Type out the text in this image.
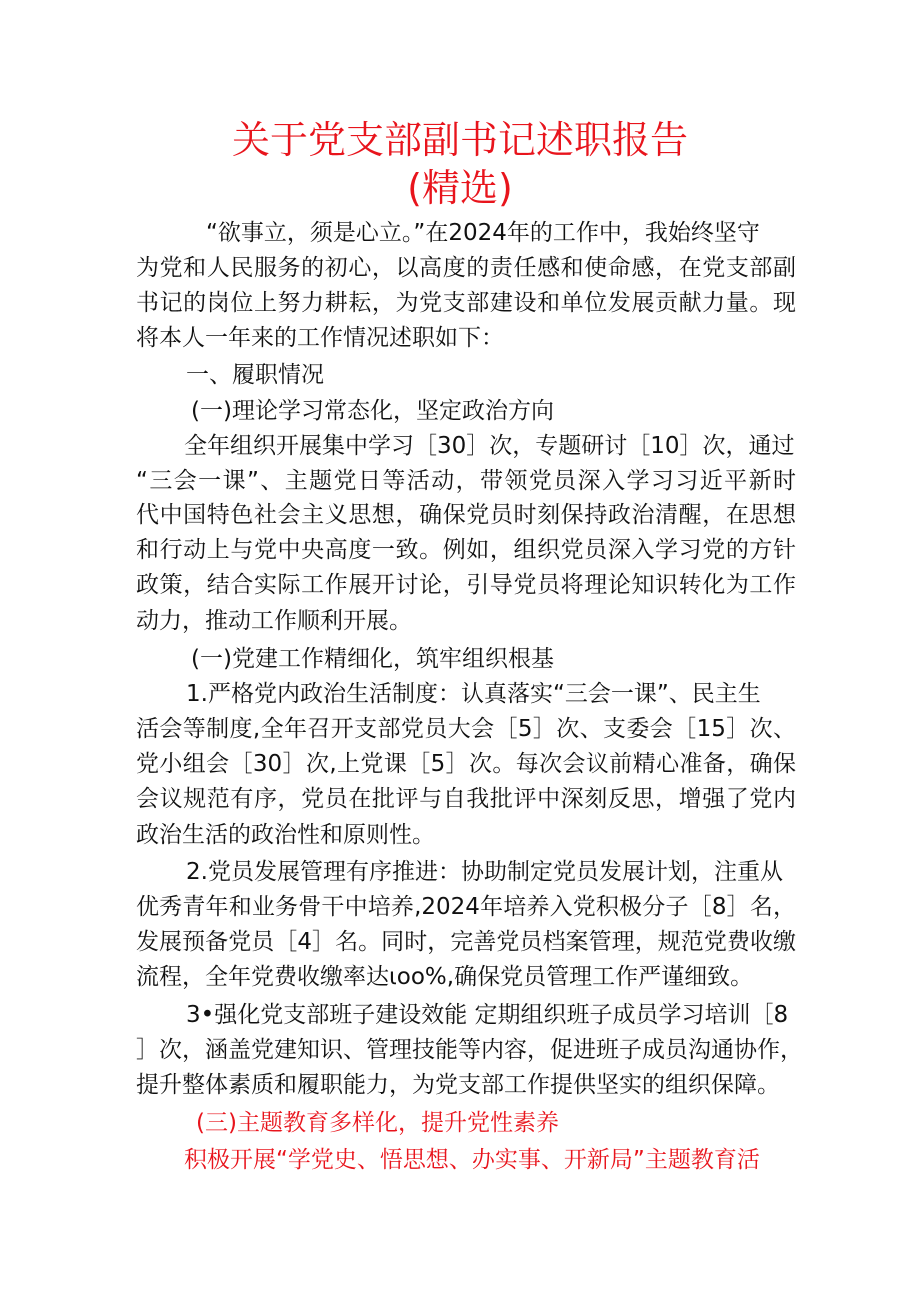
关于党支部副书记述职报告
(精选)
“欲事立，须是心立。”在2024年的工作中，我始终坚守
为党和人民服务的初心，以高度的责任感和使命感，在党支部副
书记的岗位上努力耕耘，为党支部建设和单位发展贡献力量。现
将本人一年来的工作情况述职如下：
一、履职情况
(一)理论学习常态化，坚定政治方向
全年组织开展集中学习［30］次，专题研讨［10］次，通过
“三会一课”、主题党日等活动，带领党员深入学习习近平新时
代中国特色社会主义思想，确保党员时刻保持政治清醒，在思想
和行动上与党中央高度一致。例如，组织党员深入学习党的方针
政策，结合实际工作展开讨论，引导党员将理论知识转化为工作
动力，推动工作顺利开展。
(一)党建工作精细化，筑牢组织根基
1.严格党内政治生活制度：认真落实“三会一课”、民主生
活会等制度,全年召开支部党员大会［5］次、支委会［15］次、
党小组会［30］次,上党课［5］次。每次会议前精心准备，确保
会议规范有序，党员在批评与自我批评中深刻反思，增强了党内
政治生活的政治性和原则性。
2.党员发展管理有序推进：协助制定党员发展计划，注重从
优秀青年和业务骨干中培养,2024年培养入党积极分子［8］名，
发展预备党员［4］名。同时，完善党员档案管理，规范党费收缴
流程，全年党费收缴率达ιoo%,确保党员管理工作严谨细致。
3•强化党支部班子建设效能 定期组织班子成员学习培训［8
］次，涵盖党建知识、管理技能等内容，促进班子成员沟通协作，
提升整体素质和履职能力，为党支部工作提供坚实的组织保障。
(三)主题教育多样化，提升党性素养
积极开展“学党史、悟思想、办实事、开新局”主题教育活
